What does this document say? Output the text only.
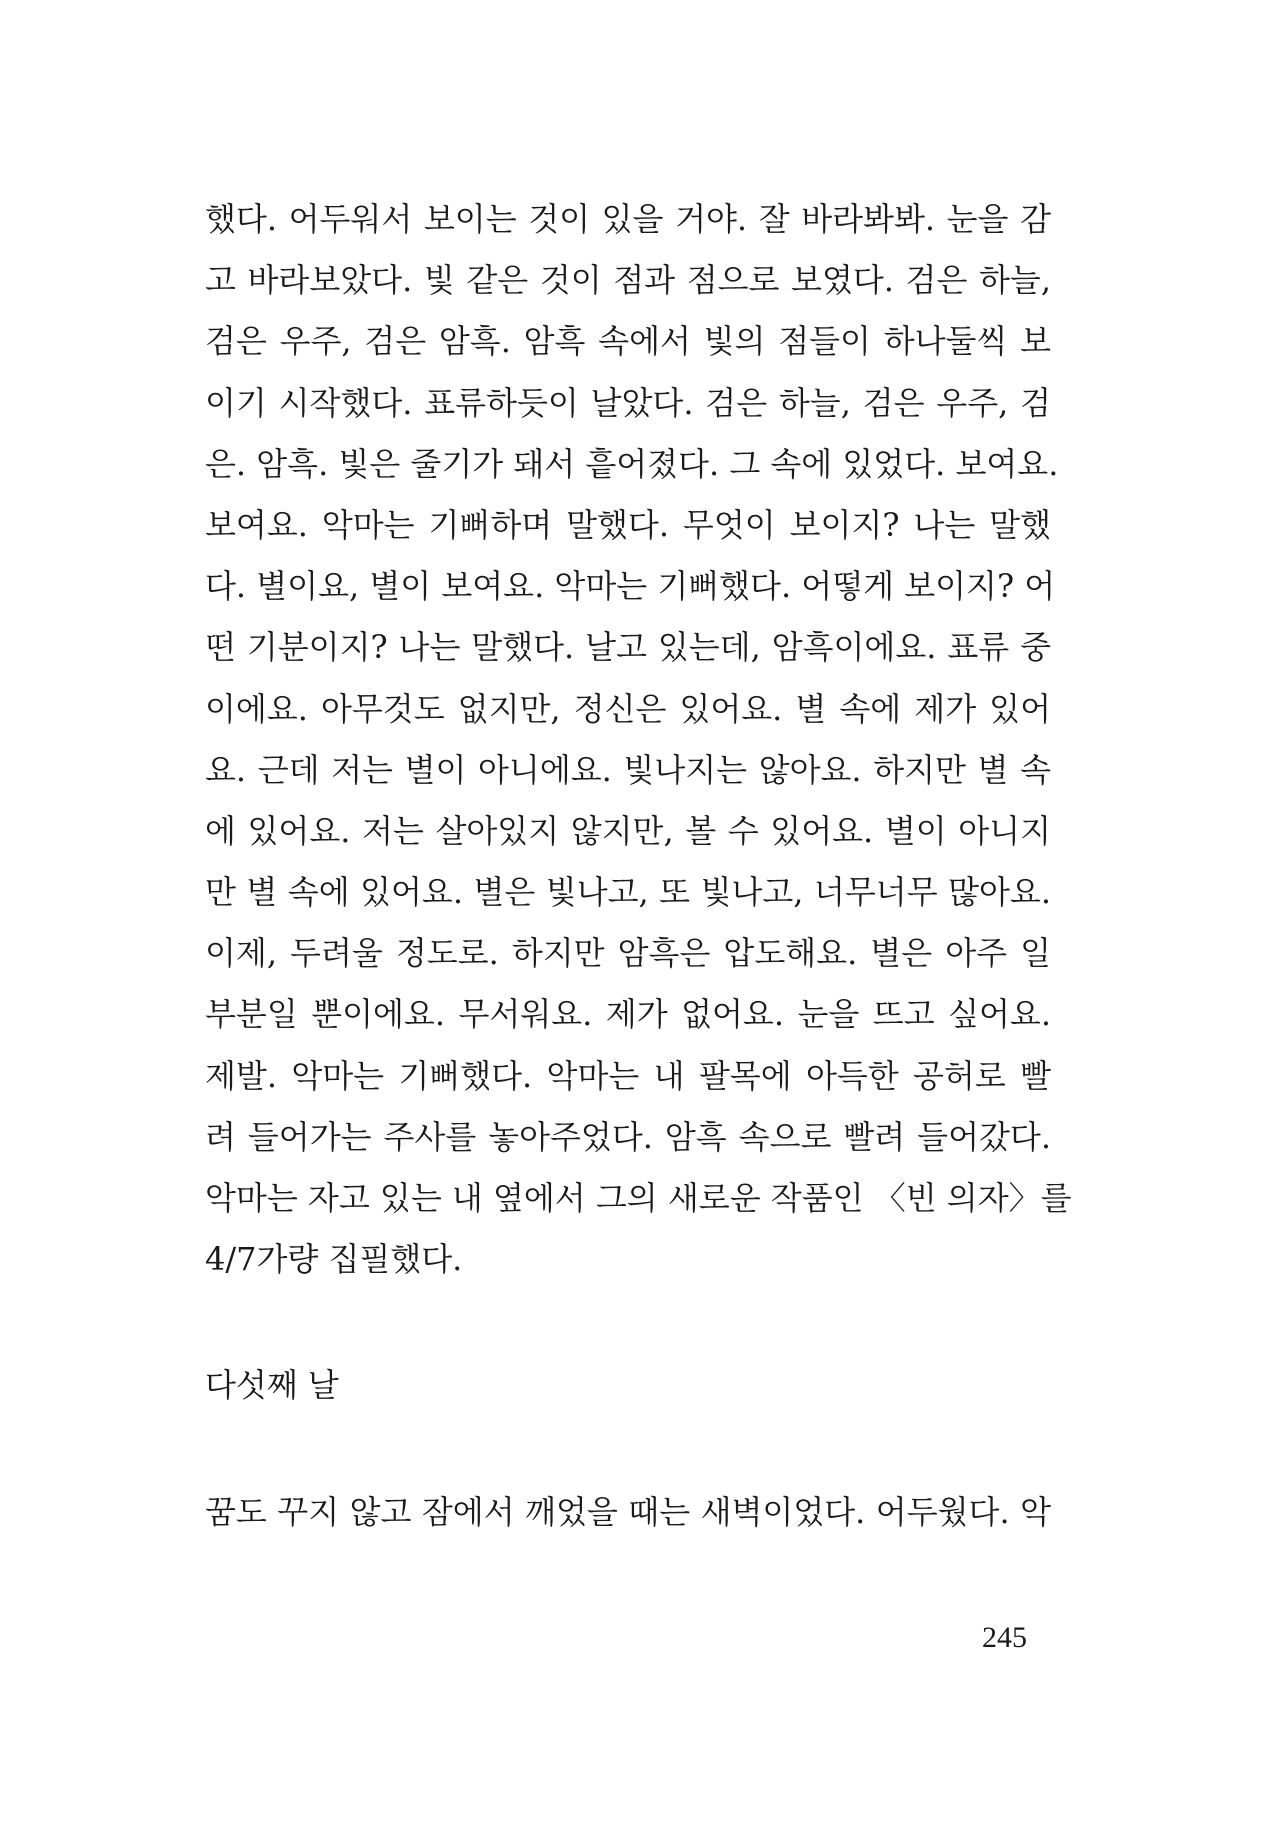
했다. 어두워서 보이는 것이 있을 거야. 잘 바라봐봐. 눈을 감
고 바라보았다. 빛 같은 것이 점과 점으로 보였다. 검은 하늘,
검은 우주, 검은 암흑. 암흑 속에서 빛의 점들이 하나둘씩 보
이기 시작했다. 표류하듯이 날았다. 검은 하늘, 검은 우주, 검
은. 암흑. 빛은 줄기가 돼서 흩어졌다. 그 속에 있었다. 보여요.
보여요. 악마는 기뻐하며 말했다. 무엇이 보이지? 나는 말했
다. 별이요, 별이 보여요. 악마는 기뻐했다. 어떻게 보이지? 어
떤 기분이지? 나는 말했다. 날고 있는데, 암흑이에요. 표류 중
이에요. 아무것도 없지만, 정신은 있어요. 별 속에 제가 있어
요. 근데 저는 별이 아니에요. 빛나지는 않아요. 하지만 별 속
에 있어요. 저는 살아있지 않지만, 볼 수 있어요. 별이 아니지
만 별 속에 있어요. 별은 빛나고, 또 빛나고, 너무너무 많아요.
이제, 두려울 정도로. 하지만 암흑은 압도해요. 별은 아주 일
부분일 뿐이에요. 무서워요. 제가 없어요. 눈을 뜨고 싶어요.
제발. 악마는 기뻐했다. 악마는 내 팔목에 아득한 공허로 빨
려 들어가는 주사를 놓아주었다. 암흑 속으로 빨려 들어갔다.
악마는 자고 있는 내 옆에서 그의 새로운 작품인 〈빈 의자〉를
4/7가량 집필했다.
다섯째 날
꿈도 꾸지 않고 잠에서 깨었을 때는 새벽이었다. 어두웠다. 악
245
